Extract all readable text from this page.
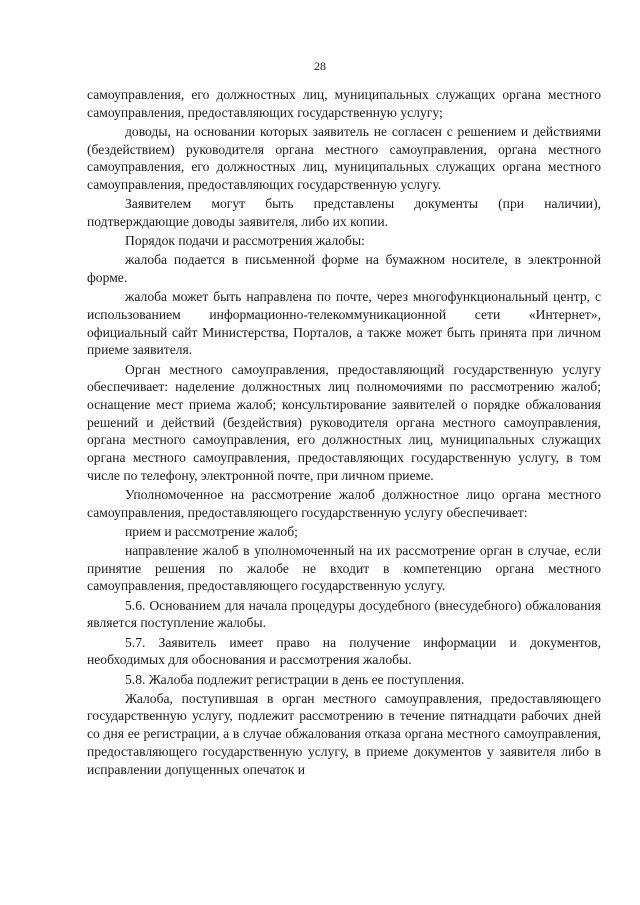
28

самоуправления, его должностных лиц, муниципальных служащих органа местного самоуправления, предоставляющих государственную услугу;

доводы, на основании которых заявитель не согласен с решением и действиями (бездействием) руководителя органа местного самоуправления, органа местного самоуправления, его должностных лиц, муниципальных служащих органа местного самоуправления, предоставляющих государственную услугу.

Заявителем могут быть представлены документы (при наличии), подтверждающие доводы заявителя, либо их копии.

Порядок подачи и рассмотрения жалобы:

жалоба подается в письменной форме на бумажном носителе, в электронной форме.

жалоба может быть направлена по почте, через многофункциональный центр, с использованием информационно-телекоммуникационной сети «Интернет», официальный сайт Министерства, Порталов, а также может быть принята при личном приеме заявителя.

Орган местного самоуправления, предоставляющий государственную услугу обеспечивает: наделение должностных лиц полномочиями по рассмотрению жалоб; оснащение мест приема жалоб; консультирование заявителей о порядке обжалования решений и действий (бездействия) руководителя органа местного самоуправления, органа местного самоуправления, его должностных лиц, муниципальных служащих органа местного самоуправления, предоставляющих государственную услугу, в том числе по телефону, электронной почте, при личном приеме.

Уполномоченное на рассмотрение жалоб должностное лицо органа местного самоуправления, предоставляющего государственную услугу обеспечивает:

прием и рассмотрение жалоб;

направление жалоб в уполномоченный на их рассмотрение орган в случае, если принятие решения по жалобе не входит в компетенцию органа местного самоуправления, предоставляющего государственную услугу.

5.6. Основанием для начала процедуры досудебного (внесудебного) обжалования является поступление жалобы.

5.7. Заявитель имеет право на получение информации и документов, необходимых для обоснования и рассмотрения жалобы.

5.8. Жалоба подлежит регистрации в день ее поступления.

Жалоба, поступившая в орган местного самоуправления, предоставляющего государственную услугу, подлежит рассмотрению в течение пятнадцати рабочих дней со дня ее регистрации, а в случае обжалования отказа органа местного самоуправления, предоставляющего государственную услугу, в приеме документов у заявителя либо в исправлении допущенных опечаток и
